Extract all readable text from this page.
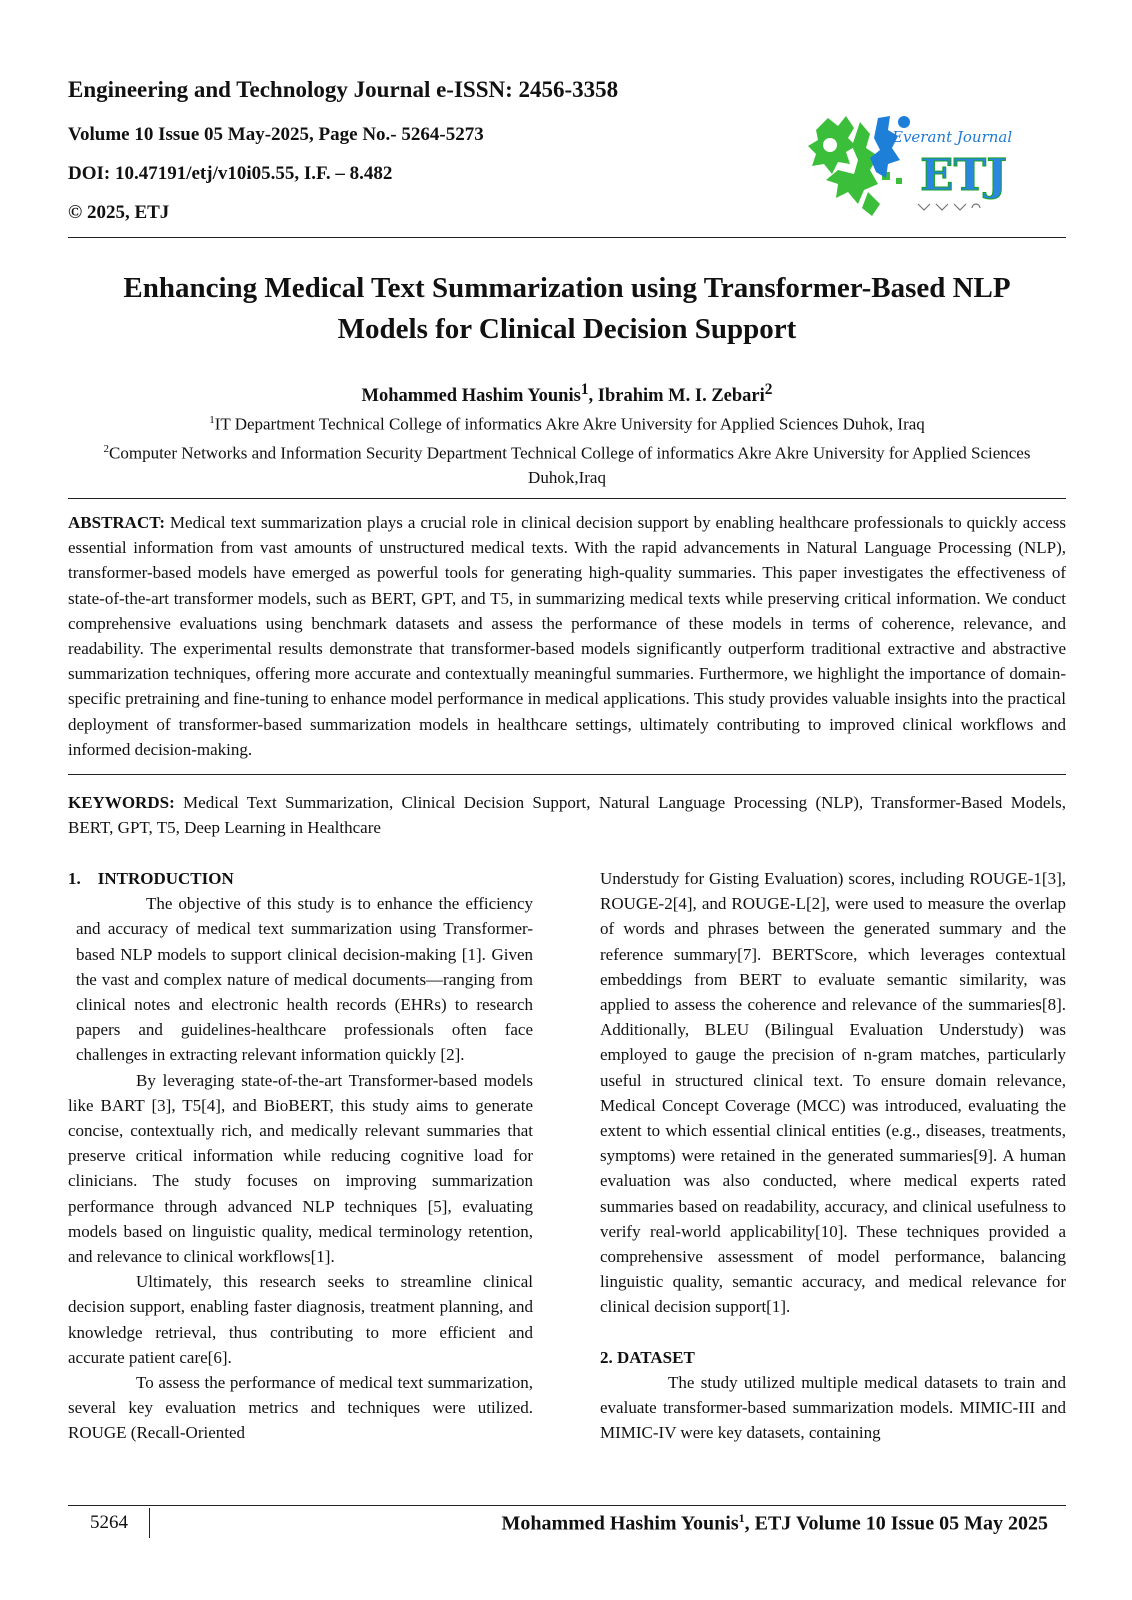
Engineering and Technology Journal e-ISSN: 2456-3358

Volume 10 Issue 05 May-2025, Page No.- 5264-5273

DOI: 10.47191/etj/v10i05.55, I.F. – 8.482

© 2025, ETJ

Everant Journal
ETJ
Enhancing Medical Text Summarization using Transformer-Based NLP
Models for Clinical Decision Support

Mohammed Hashim Younis$^1$, Ibrahim M. I. Zebari$^2$

$^1$IT Department Technical College of informatics Akre Akre University for Applied Sciences Duhok, Iraq

$^2$Computer Networks and Information Security Department Technical College of informatics Akre Akre University for Applied Sciences Duhok,Iraq

ABSTRACT: Medical text summarization plays a crucial role in clinical decision support by enabling healthcare professionals to quickly access essential information from vast amounts of unstructured medical texts. With the rapid advancements in Natural Language Processing (NLP), transformer-based models have emerged as powerful tools for generating high-quality summaries. This paper investigates the effectiveness of state-of-the-art transformer models, such as BERT, GPT, and T5, in summarizing medical texts while preserving critical information. We conduct comprehensive evaluations using benchmark datasets and assess the performance of these models in terms of coherence, relevance, and readability. The experimental results demonstrate that transformer-based models significantly outperform traditional extractive and abstractive summarization techniques, offering more accurate and contextually meaningful summaries. Furthermore, we highlight the importance of domain-specific pretraining and fine-tuning to enhance model performance in medical applications. This study provides valuable insights into the practical deployment of transformer-based summarization models in healthcare settings, ultimately contributing to improved clinical workflows and informed decision-making.

KEYWORDS: Medical Text Summarization, Clinical Decision Support, Natural Language Processing (NLP), Transformer-Based Models, BERT, GPT, T5, Deep Learning in Healthcare

1.    INTRODUCTION

The objective of this study is to enhance the efficiency and accuracy of medical text summarization using Transformer-based NLP models to support clinical decision-making [1]. Given the vast and complex nature of medical documents—ranging from clinical notes and electronic health records (EHRs) to research papers and guidelines-healthcare professionals often face challenges in extracting relevant information quickly [2].

By leveraging state-of-the-art Transformer-based models like BART [3], T5[4], and BioBERT, this study aims to generate concise, contextually rich, and medically relevant summaries that preserve critical information while reducing cognitive load for clinicians. The study focuses on improving summarization performance through advanced NLP techniques [5], evaluating models based on linguistic quality, medical terminology retention, and relevance to clinical workflows[1].

Ultimately, this research seeks to streamline clinical decision support, enabling faster diagnosis, treatment planning, and knowledge retrieval, thus contributing to more efficient and accurate patient care[6].

To assess the performance of medical text summarization, several key evaluation metrics and techniques were utilized. ROUGE (Recall-Oriented

Understudy for Gisting Evaluation) scores, including ROUGE-1[3], ROUGE-2[4], and ROUGE-L[2], were used to measure the overlap of words and phrases between the generated summary and the reference summary[7]. BERTScore, which leverages contextual embeddings from BERT to evaluate semantic similarity, was applied to assess the coherence and relevance of the summaries[8]. Additionally, BLEU (Bilingual Evaluation Understudy) was employed to gauge the precision of n-gram matches, particularly useful in structured clinical text. To ensure domain relevance, Medical Concept Coverage (MCC) was introduced, evaluating the extent to which essential clinical entities (e.g., diseases, treatments, symptoms) were retained in the generated summaries[9]. A human evaluation was also conducted, where medical experts rated summaries based on readability, accuracy, and clinical usefulness to verify real-world applicability[10]. These techniques provided a comprehensive assessment of model performance, balancing linguistic quality, semantic accuracy, and medical relevance for clinical decision support[1].

2. DATASET

The study utilized multiple medical datasets to train and evaluate transformer-based summarization models. MIMIC-III and MIMIC-IV were key datasets, containing

5264	Mohammed Hashim Younis$^1$, ETJ Volume 10 Issue 05 May 2025
